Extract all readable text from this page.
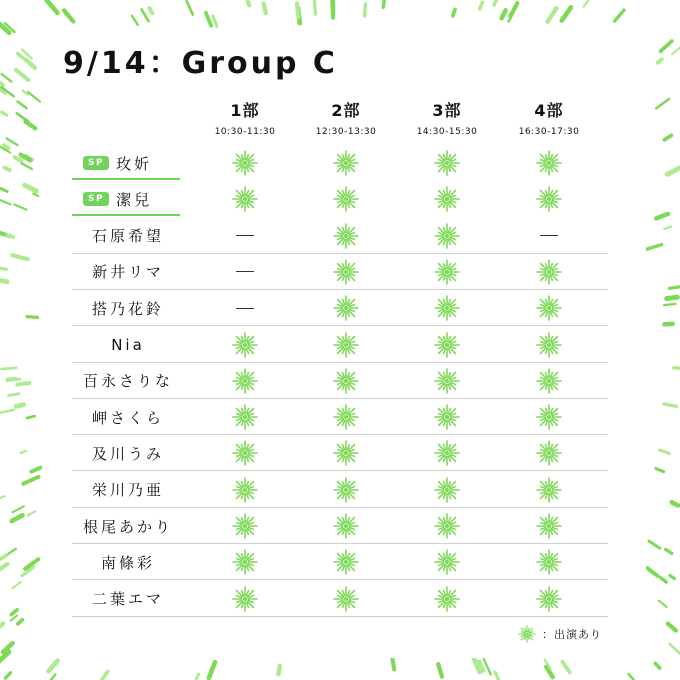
9/14：Group C
1部
10:30-11:30
2部
12:30-13:30
3部
14:30-15:30
4部
16:30-17:30
SP 玫妡
SP 潔兒
石原希望
新井リマ
搭乃花鈴
Nia
百永さりな
岬さくら
及川うみ
栄川乃亜
根尾あかり
南條彩
二葉エマ
：出演あり
